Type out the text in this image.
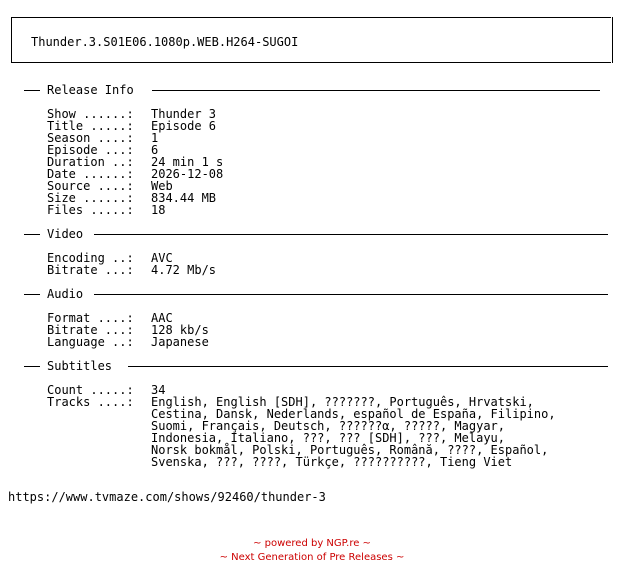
Thunder.3.S01E06.1080p.WEB.H264-SUGOI
Release Info
Show ......: Thunder 3
Title .....: Episode 6
Season ....: 1
Episode ...: 6
Duration ..: 24 min 1 s
Date ......: 2026-12-08
Source ....: Web
Size ......: 834.44 MB
Files .....: 18
Video
Encoding ..: AVC
Bitrate ...: 4.72 Mb/s
Audio
Format ....: AAC
Bitrate ...: 128 kb/s
Language ..: Japanese
Subtitles
Count .....: 34
Tracks ....:	English, English [SDH], ???????, Português, Hrvatski,
Cestina, Dansk, Nederlands, español de España, Filipino,
Suomi, Français, Deutsch, ??????α, ?????, Magyar,
Indonesia, Italiano, ???, ??? [SDH], ???, Melayu,
Norsk bokmål, Polski, Português, Română, ????, Español,
Svenska, ???, ????, Türkçe, ??????????, Tieng Viet
https://www.tvmaze.com/shows/92460/thunder-3
~ powered by NGP.re ~
~ Next Generation of Pre Releases ~
